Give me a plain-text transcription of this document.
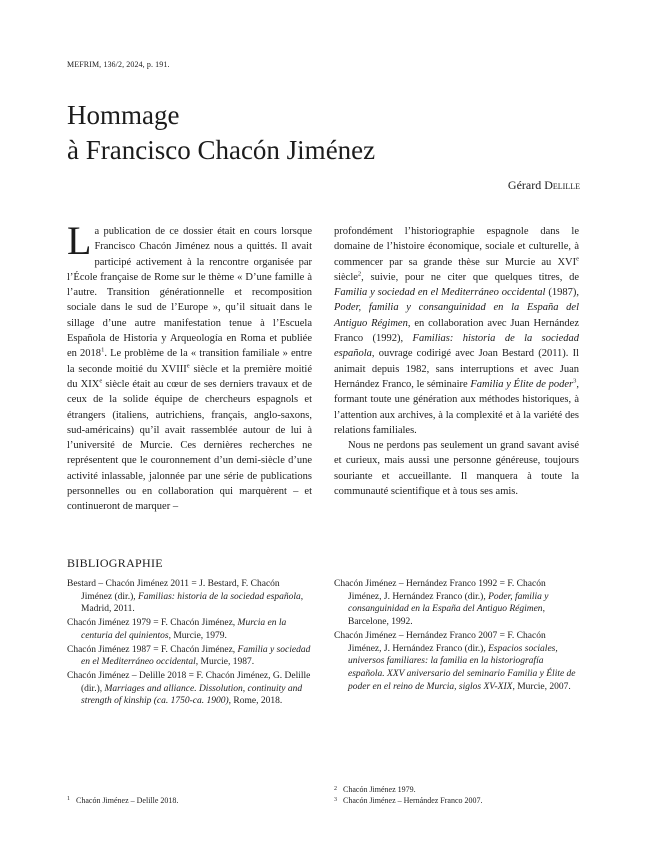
MEFRIM, 136/2, 2024, p. 191.
Hommage
à Francisco Chacón Jiménez
Gérard Delille

La publication de ce dossier était en cours lorsque Francisco Chacón Jiménez nous a quittés. Il avait participé activement à la rencontre organisée par l’École française de Rome sur le thème « D’une famille à l’autre. Transition générationnelle et recomposition sociale dans le sud de l’Europe », qu’il situait dans le sillage d’une autre manifestation tenue à l’Escuela Española de Historia y Arqueología en Roma et publiée en 2018$^1$. Le problème de la « transition familiale » entre la seconde moitié du XVIIIe siècle et la première moitié du XIXe siècle était au cœur de ses derniers travaux et de ceux de la solide équipe de chercheurs espagnols et étrangers (italiens, autrichiens, français, anglo-saxons, sud-américains) qu’il avait rassemblée autour de lui à l’université de Murcie. Ces dernières recherches ne représentent que le couronnement d’un demi-siècle d’une activité inlassable, jalonnée par une série de publications personnelles ou en collaboration qui marquèrent – et continueront de marquer –

profondément l’historiographie espagnole dans le domaine de l’histoire économique, sociale et culturelle, à commencer par sa grande thèse sur Murcie au XVIe siècle$^2$, suivie, pour ne citer que quelques titres, de Familia y sociedad en el Mediterráneo occidental (1987), Poder, familia y consanguinidad en la España del Antiguo Régimen, en collaboration avec Juan Hernández Franco (1992), Familias: historia de la sociedad española, ouvrage codirigé avec Joan Bestard (2011). Il animait depuis 1982, sans interruptions et avec Juan Hernández Franco, le séminaire Familia y Élite de poder$^3$, formant toute une génération aux méthodes historiques, à l’attention aux archives, à la complexité et à la variété des relations familiales.

Nous ne perdons pas seulement un grand savant avisé et curieux, mais aussi une personne généreuse, toujours souriante et accueillante. Il manquera à toute la communauté scientifique et à tous ses amis.

BIBLIOGRAPHIE

Bestard – Chacón Jiménez 2011 = J. Bestard, F. Chacón Jiménez (dir.), Familias: historia de la sociedad española, Madrid, 2011.

Chacón Jiménez 1979 = F. Chacón Jiménez, Murcia en la centuria del quinientos, Murcie, 1979.

Chacón Jiménez 1987 = F. Chacón Jiménez, Familia y sociedad en el Mediterráneo occidental, Murcie, 1987.

Chacón Jiménez – Delille 2018 = F. Chacón Jiménez, G. Delille (dir.), Marriages and alliance. Dissolution, continuity and strength of kinship (ca. 1750-ca. 1900), Rome, 2018.

Chacón Jiménez – Hernández Franco 1992 = F. Chacón Jiménez, J. Hernández Franco (dir.), Poder, familia y consanguinidad en la España del Antiguo Régimen, Barcelone, 1992.

Chacón Jiménez – Hernández Franco 2007 = F. Chacón Jiménez, J. Hernández Franco (dir.), Espacios sociales, universos familiares: la familia en la historiografía española. XXV aniversario del seminario Familia y Élite de poder en el reino de Murcia, siglos XV-XIX, Murcie, 2007.

1 Chacón Jiménez – Delille 2018.
2 Chacón Jiménez 1979.
3 Chacón Jiménez – Hernández Franco 2007.
